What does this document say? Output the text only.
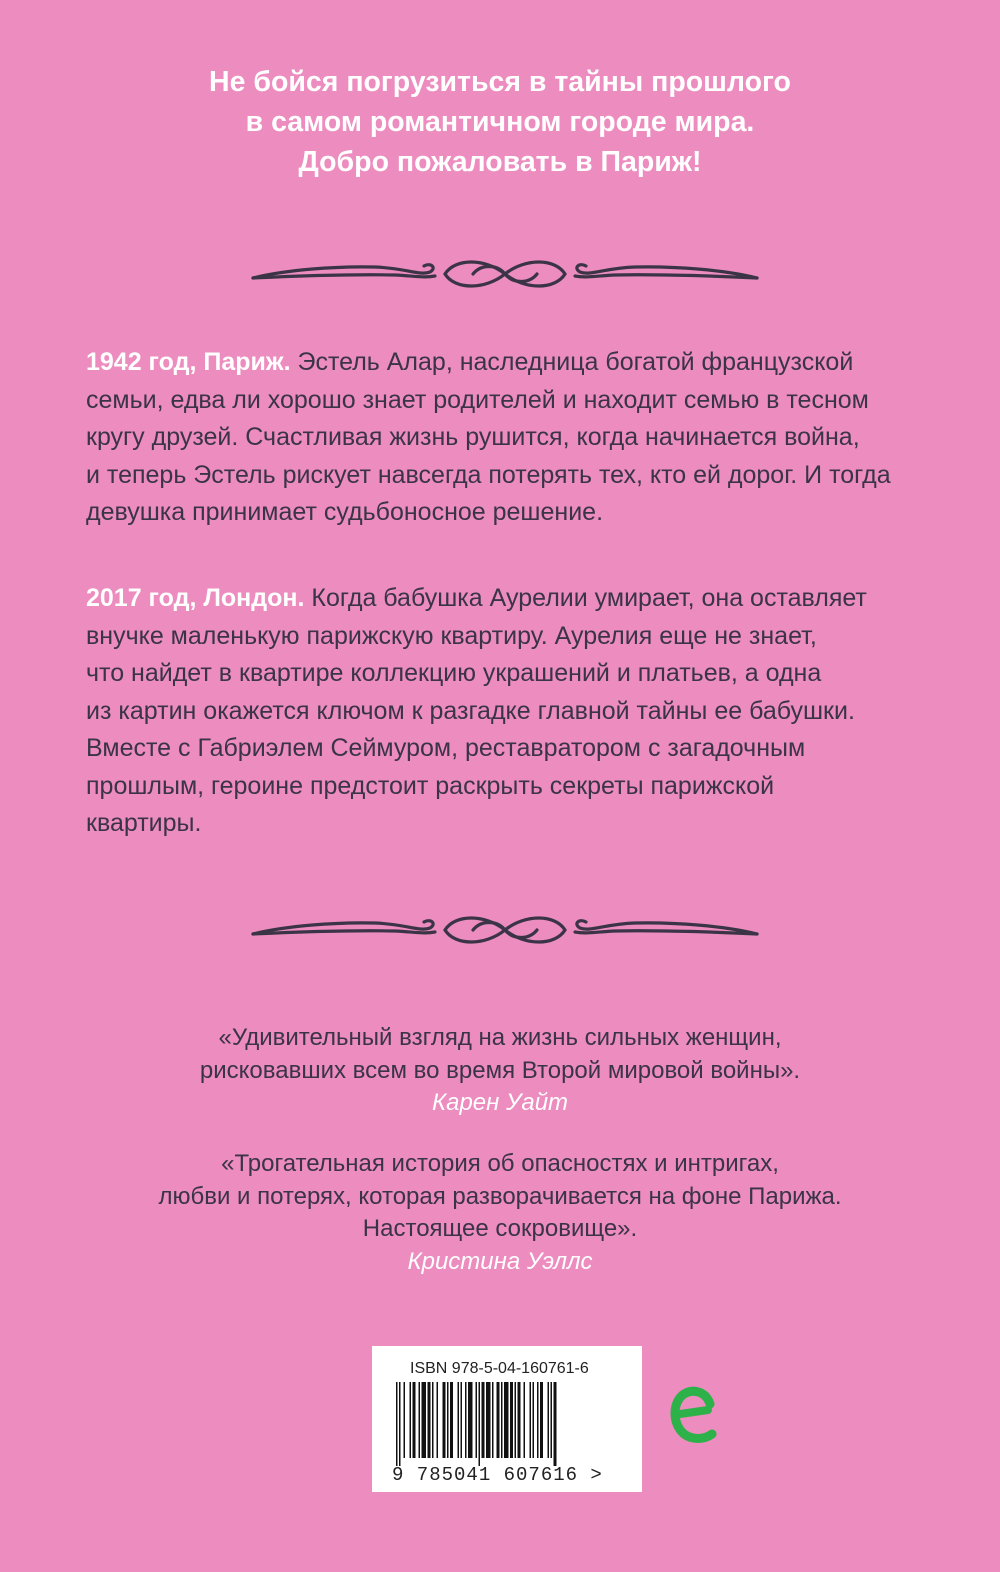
Не бойся погрузиться в тайны прошлого
в самом романтичном городе мира.
Добро пожаловать в Париж!

1942 год, Париж. Эстель Алар, наследница богатой французской
семьи, едва ли хорошо знает родителей и находит семью в тесном
кругу друзей. Счастливая жизнь рушится, когда начинается война,
и теперь Эстель рискует навсегда потерять тех, кто ей дорог. И тогда
девушка принимает судьбоносное решение.

2017 год, Лондон. Когда бабушка Аурелии умирает, она оставляет
внучке маленькую парижскую квартиру. Аурелия еще не знает,
что найдет в квартире коллекцию украшений и платьев, а одна
из картин окажется ключом к разгадке главной тайны ее бабушки.
Вместе с Габриэлем Сеймуром, реставратором с загадочным
прошлым, героине предстоит раскрыть секреты парижской
квартиры.

«Удивительный взгляд на жизнь сильных женщин,
рисковавших всем во время Второй мировой войны».
Карен Уайт
«Трогательная история об опасностях и интригах,
любви и потерях, которая разворачивается на фоне Парижа.
Настоящее сокровище».
Кристина Уэллс
ISBN 978-5-04-160761-6
9 785041 607616 >
